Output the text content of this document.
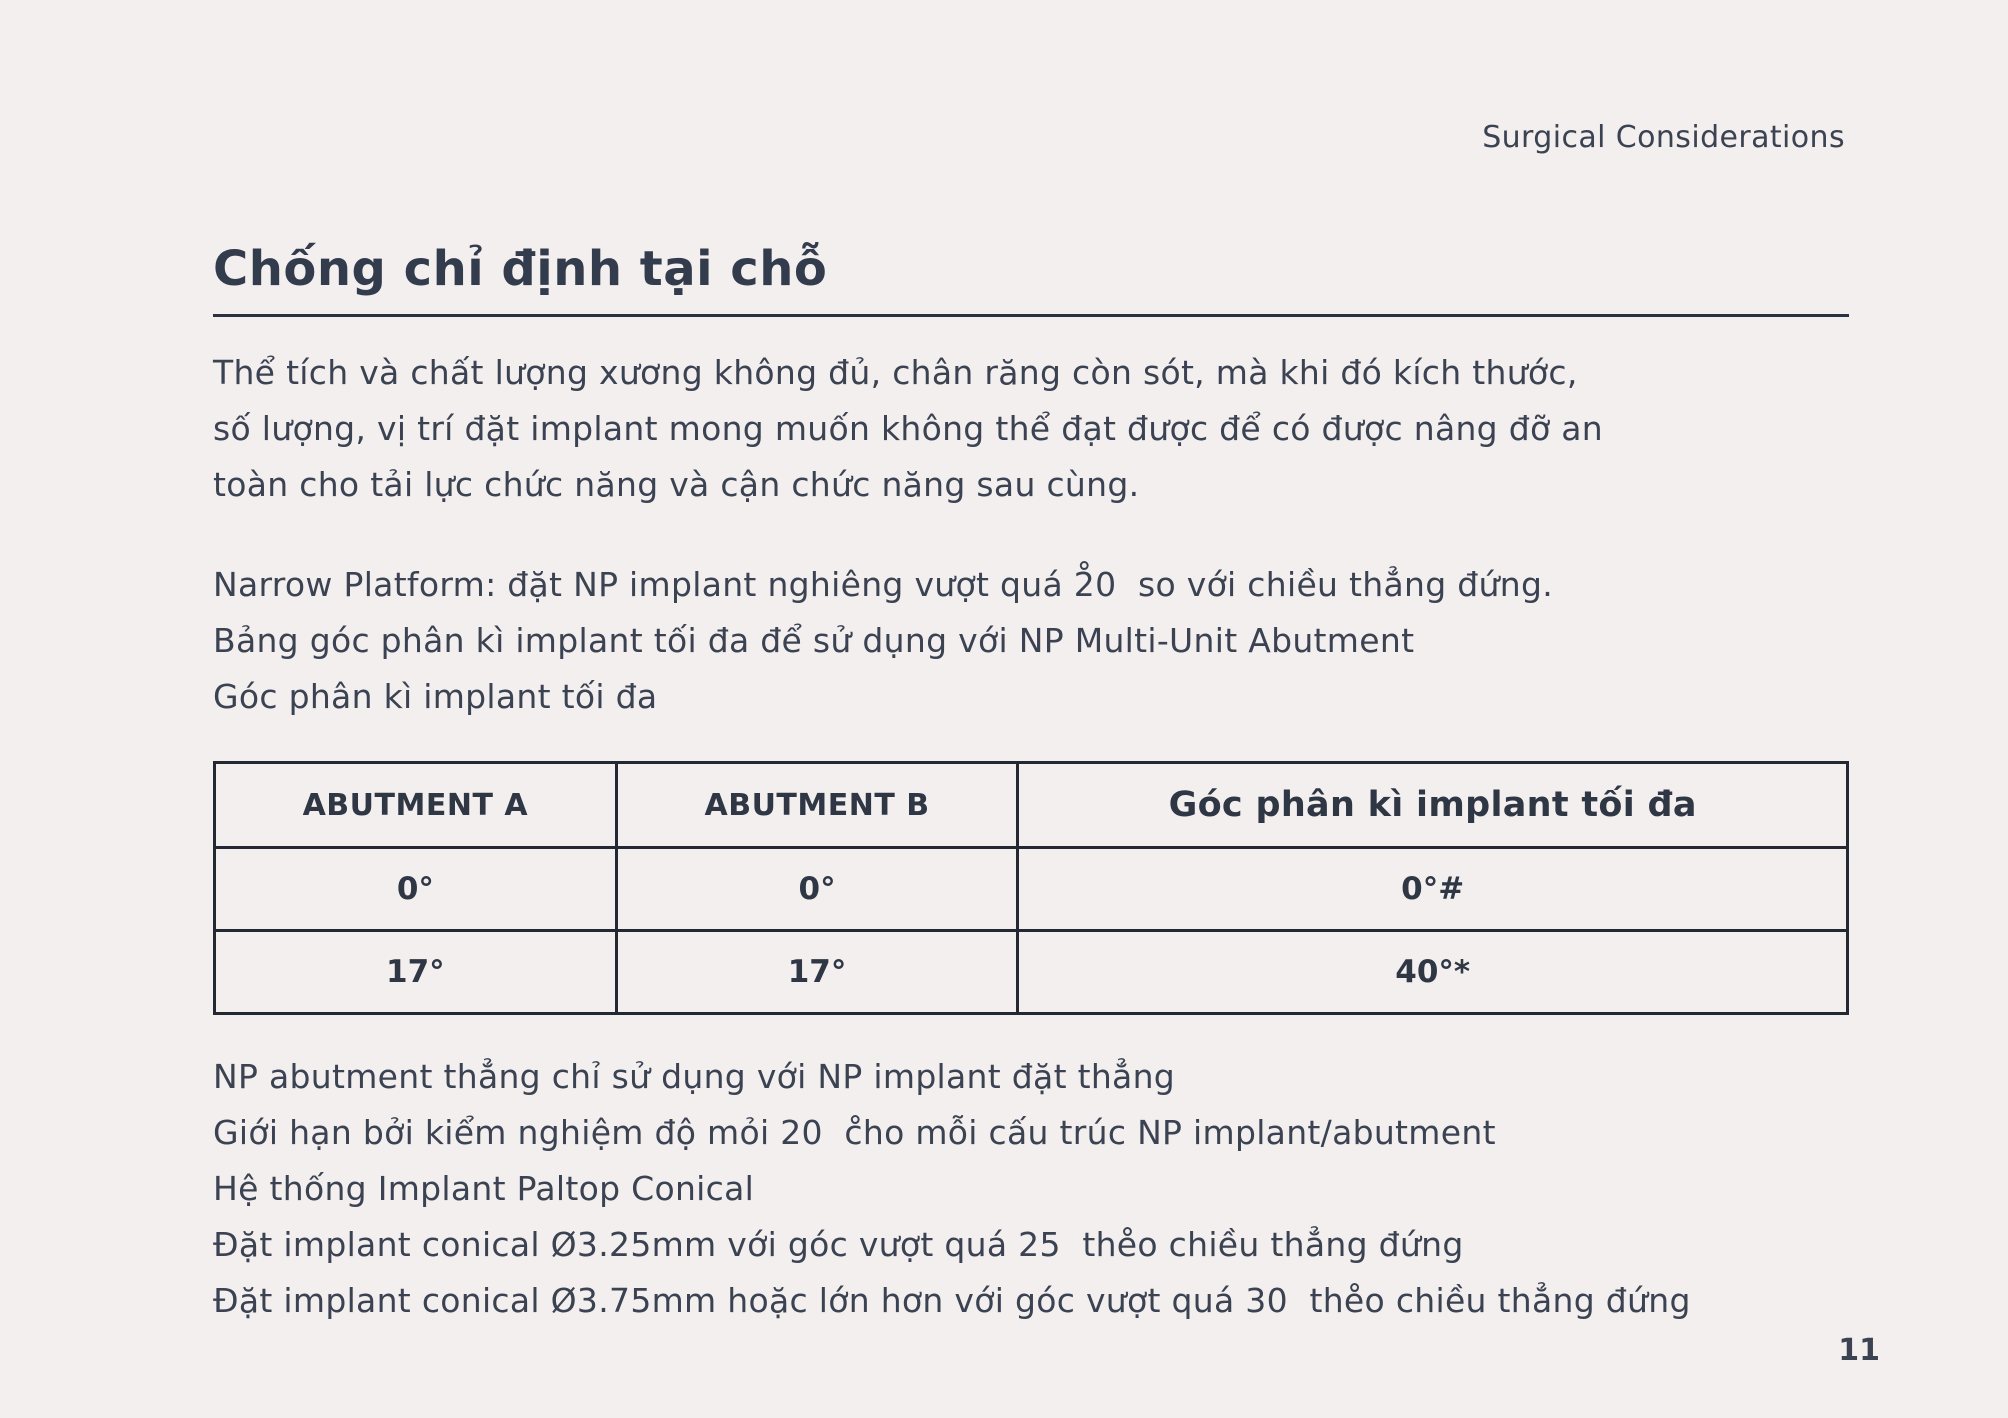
Surgical Considerations
Chống chỉ định tại chỗ
Thể tích và chất lượng xương không đủ, chân răng còn sót, mà khi đó kích thước,
số lượng, vị trí đặt implant mong muốn không thể đạt được để có được nâng đỡ an
toàn cho tải lực chức năng và cận chức năng sau cùng.
Narrow Platform: đặt NP implant nghiêng vượt quá 2̊0  so với chiều thẳng đứng.
Bảng góc phân kì implant tối đa để sử dụng với NP Multi-Unit Abutment
Góc phân kì implant tối đa
ABUTMENT A	ABUTMENT B	Góc phân kì implant tối đa
0°	0°	0°#
17°	17°	40°*
NP abutment thẳng chỉ sử dụng với NP implant đặt thẳng
Giới hạn bởi kiểm nghiệm độ mỏi 20  c̊ho mỗi cấu trúc NP implant/abutment
Hệ thống Implant Paltop Conical
Đặt implant conical Ø3.25mm với góc vượt quá 25  the̊o chiều thẳng đứng
Đặt implant conical Ø3.75mm hoặc lớn hơn với góc vượt quá 30  the̊o chiều thẳng đứng
11
